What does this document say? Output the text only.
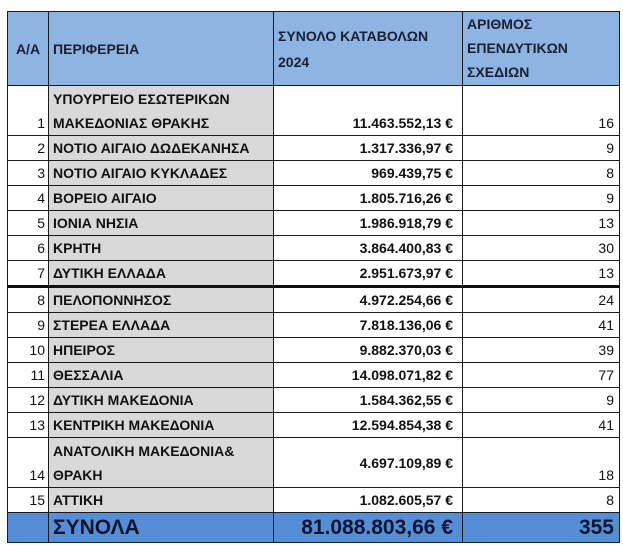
Α/Α	ΠΕΡΙΦΕΡΕΙΑ	ΣΥΝΟΛΟ ΚΑΤΑΒΟΛΩΝ 2024	ΑΡΙΘΜΟΣ ΕΠΕΝΔΥΤΙΚΩΝ ΣΧΕΔΙΩΝ
1	ΥΠΟΥΡΓΕΙΟ ΕΣΩΤΕΡΙΚΩΝ ΜΑΚΕΔΟΝΙΑΣ ΘΡΑΚΗΣ	11.463.552,13 €	16
2	ΝΟΤΙΟ ΑΙΓΑΙΟ ΔΩΔΕΚΑΝΗΣΑ	1.317.336,97 €	9
3	ΝΟΤΙΟ ΑΙΓΑΙΟ ΚΥΚΛΑΔΕΣ	969.439,75 €	8
4	ΒΟΡΕΙΟ ΑΙΓΑΙΟ	1.805.716,26 €	9
5	ΙΟΝΙΑ ΝΗΣΙΑ	1.986.918,79 €	13
6	ΚΡΗΤΗ	3.864.400,83 €	30
7	ΔΥΤΙΚΗ ΕΛΛΑΔΑ	2.951.673,97 €	13
8	ΠΕΛΟΠΟΝΝΗΣΟΣ	4.972.254,66 €	24
9	ΣΤΕΡΕΑ ΕΛΛΑΔΑ	7.818.136,06 €	41
10	ΗΠΕΙΡΟΣ	9.882.370,03 €	39
11	ΘΕΣΣΑΛΙΑ	14.098.071,82 €	77
12	ΔΥΤΙΚΗ ΜΑΚΕΔΟΝΙΑ	1.584.362,55 €	9
13	ΚΕΝΤΡΙΚΗ ΜΑΚΕΔΟΝΙΑ	12.594.854,38 €	41
14	ΑΝΑΤΟΛΙΚΗ ΜΑΚΕΔΟΝΙΑ& ΘΡΑΚΗ	4.697.109,89 €	18
15	ΑΤΤΙΚΗ	1.082.605,57 €	8
	ΣΥΝΟΛΑ	81.088.803,66 €	355
